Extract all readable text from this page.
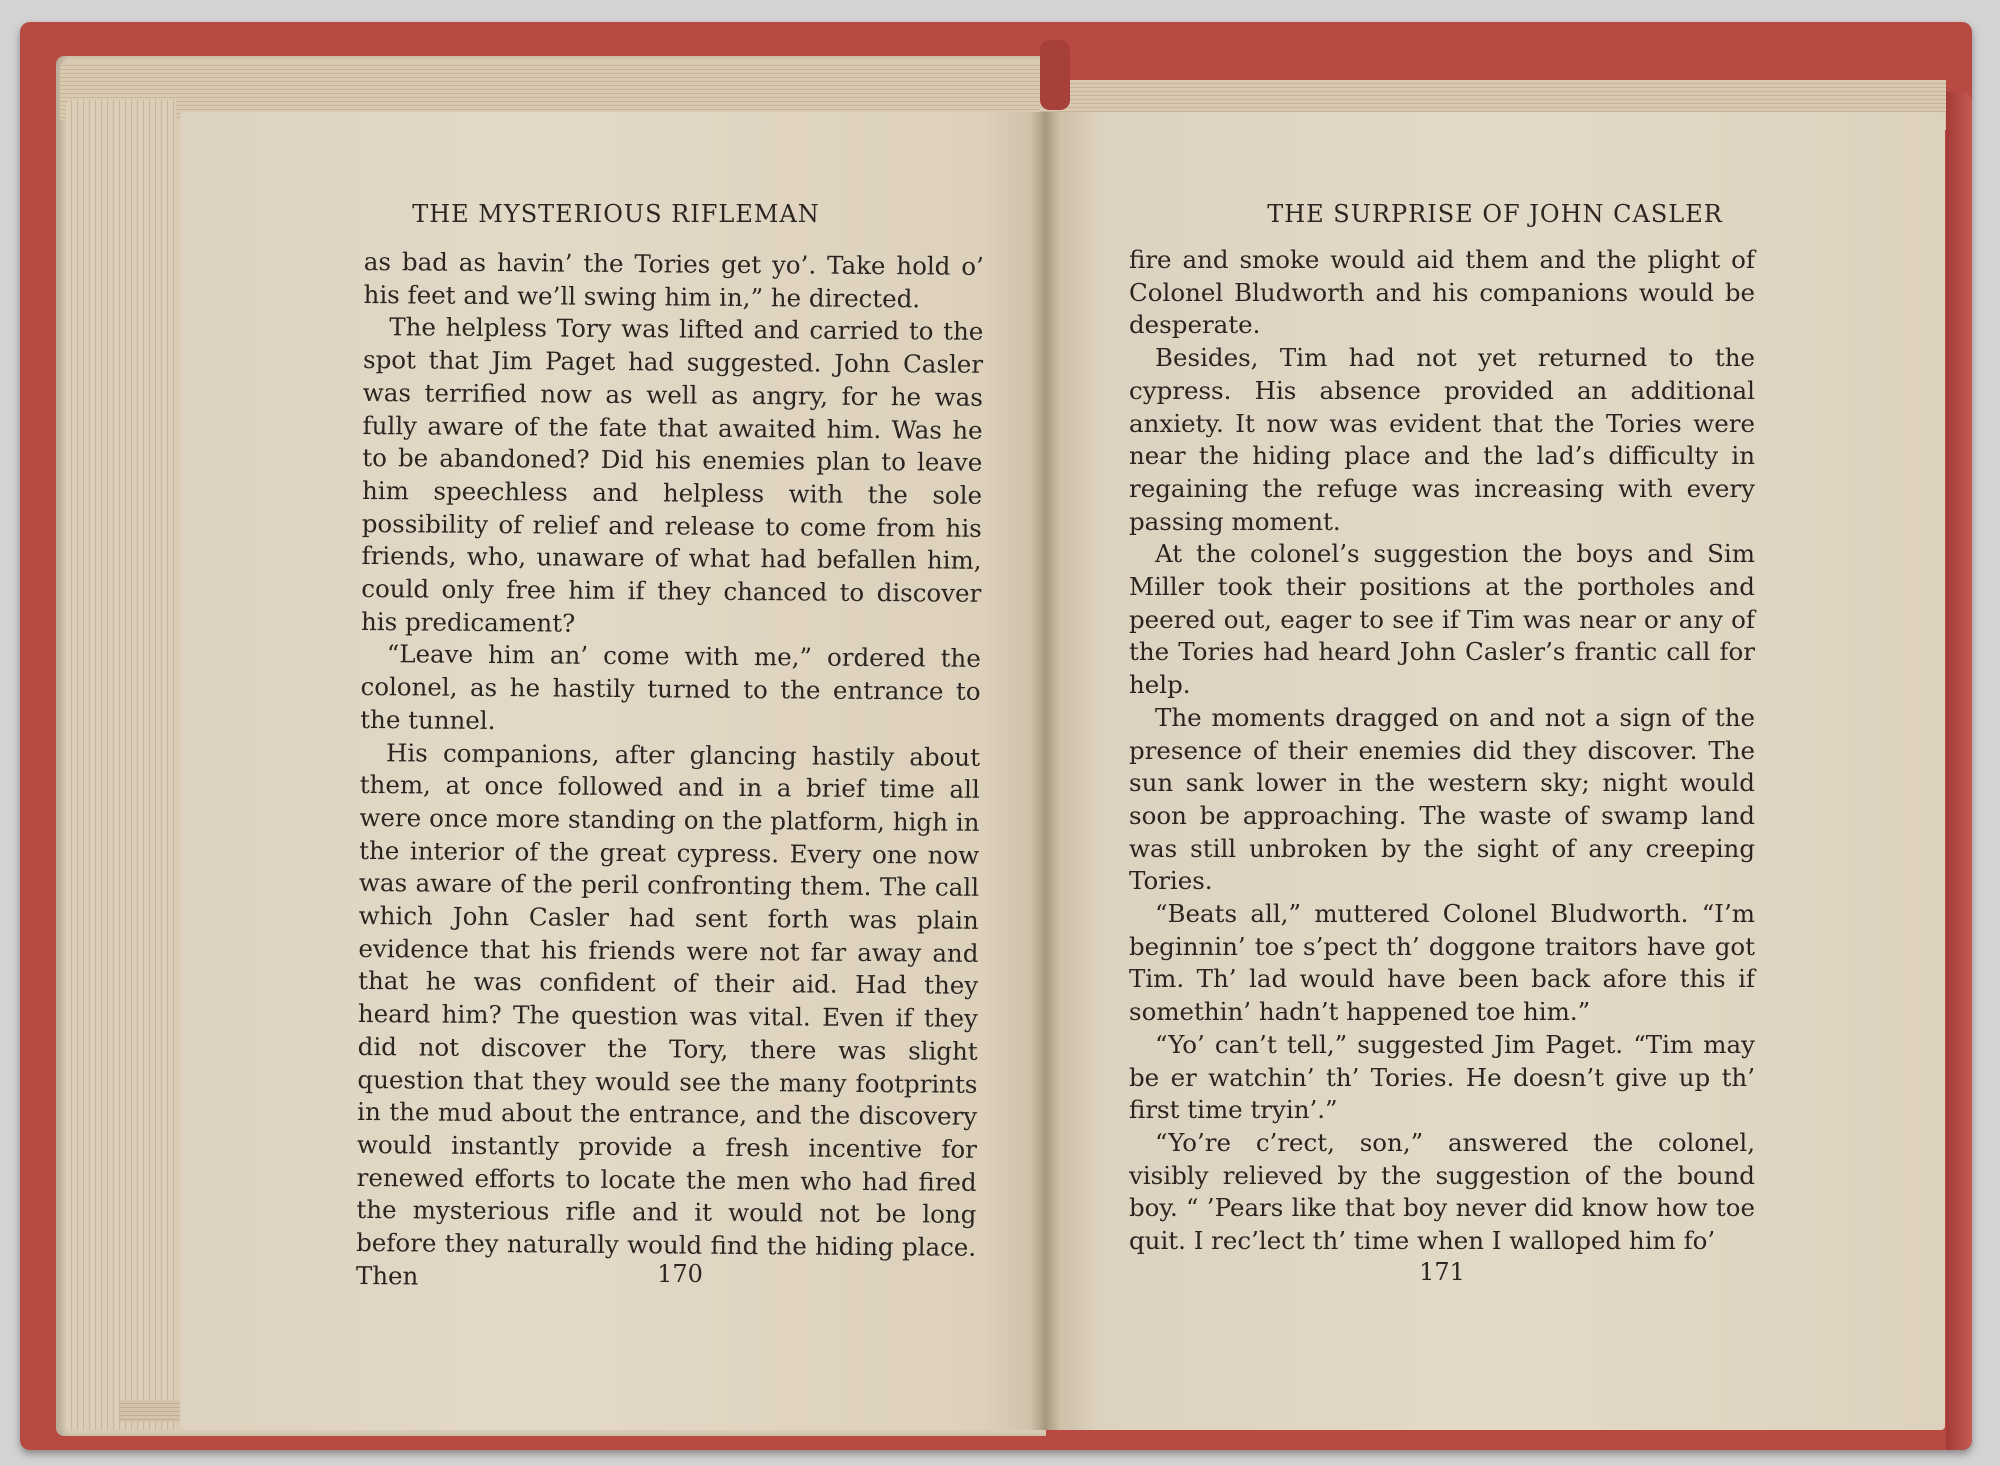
THE MYSTERIOUS RIFLEMAN

as bad as havin’ the Tories get yo’. Take hold o’ his feet and we’ll swing him in,” he directed.

The helpless Tory was lifted and carried to the spot that Jim Paget had suggested. John Casler was terrified now as well as angry, for he was fully aware of the fate that awaited him. Was he to be abandoned? Did his enemies plan to leave him speechless and helpless with the sole possibility of relief and release to come from his friends, who, unaware of what had befallen him, could only free him if they chanced to discover his predicament?

“Leave him an’ come with me,” ordered the colonel, as he hastily turned to the entrance to the tunnel.

His companions, after glancing hastily about them, at once followed and in a brief time all were once more standing on the platform, high in the interior of the great cypress. Every one now was aware of the peril confronting them. The call which John Casler had sent forth was plain evidence that his friends were not far away and that he was confident of their aid. Had they heard him? The question was vital. Even if they did not discover the Tory, there was slight question that they would see the many footprints in the mud about the entrance, and the discovery would instantly provide a fresh incentive for renewed efforts to locate the men who had fired the mysterious rifle and it would not be long before they naturally would find the hiding place. Then	170
THE SURPRISE OF JOHN CASLER

fire and smoke would aid them and the plight of Colonel Bludworth and his companions would be desperate.

Besides, Tim had not yet returned to the cypress. His absence provided an additional anxiety. It now was evident that the Tories were near the hiding place and the lad’s difficulty in regaining the refuge was increasing with every passing moment.

At the colonel’s suggestion the boys and Sim Miller took their positions at the portholes and peered out, eager to see if Tim was near or any of the Tories had heard John Casler’s frantic call for help.

The moments dragged on and not a sign of the presence of their enemies did they discover. The sun sank lower in the western sky; night would soon be approaching. The waste of swamp land was still unbroken by the sight of any creeping Tories.

“Beats all,” muttered Colonel Bludworth. “I’m beginnin’ toe s’pect th’ doggone traitors have got Tim. Th’ lad would have been back afore this if somethin’ hadn’t happened toe him.”

“Yo’ can’t tell,” suggested Jim Paget. “Tim may be er watchin’ th’ Tories. He doesn’t give up th’ first time tryin’.”

“Yo’re c’rect, son,” answered the colonel, visibly relieved by the suggestion of the bound boy. “ ’Pears like that boy never did know how toe quit. I rec’lect th’ time when I walloped him fo’

171
